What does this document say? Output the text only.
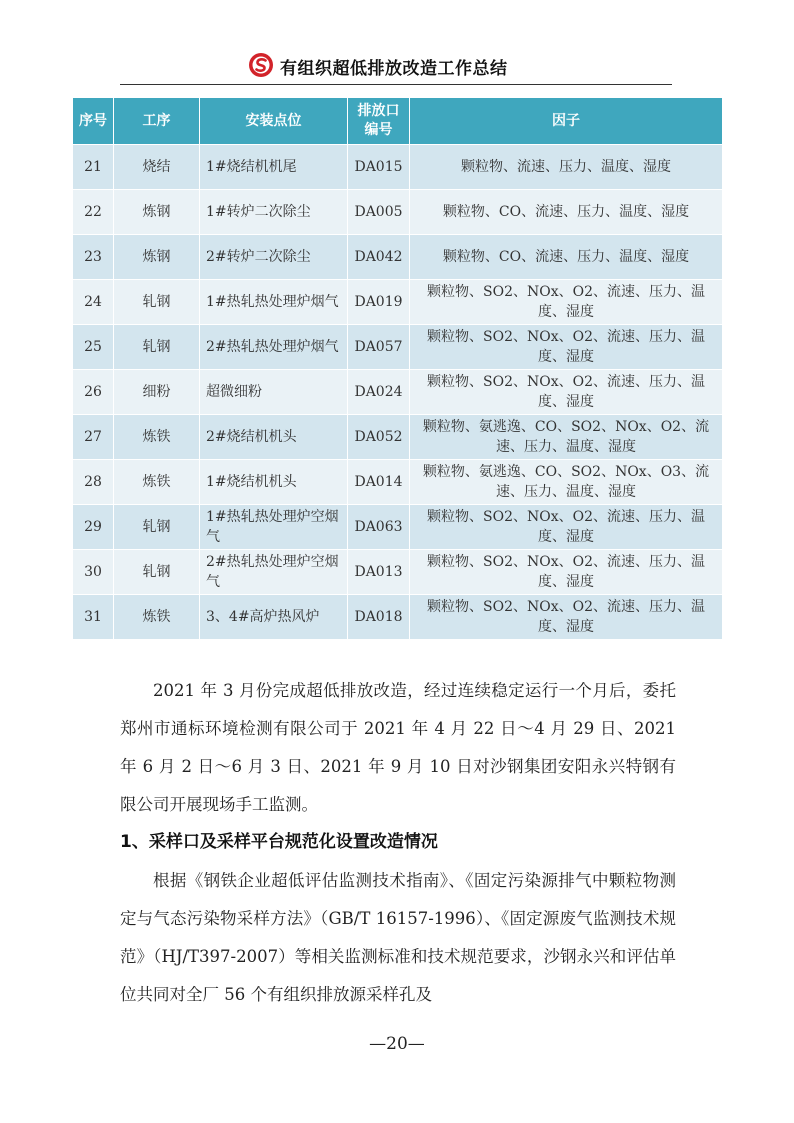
有组织超低排放改造工作总结
序号	工序	安装点位	排放口编号	因子
21	烧结	1#烧结机机尾	DA015	颗粒物、流速、压力、温度、湿度
22	炼钢	1#转炉二次除尘	DA005	颗粒物、CO、流速、压力、温度、湿度
23	炼钢	2#转炉二次除尘	DA042	颗粒物、CO、流速、压力、温度、湿度
24	轧钢	1#热轧热处理炉烟气	DA019	颗粒物、SO2、NOx、O2、流速、压力、温度、湿度
25	轧钢	2#热轧热处理炉烟气	DA057	颗粒物、SO2、NOx、O2、流速、压力、温度、湿度
26	细粉	超微细粉	DA024	颗粒物、SO2、NOx、O2、流速、压力、温度、湿度
27	炼铁	2#烧结机机头	DA052	颗粒物、氨逃逸、CO、SO2、NOx、O2、流速、压力、温度、湿度
28	炼铁	1#烧结机机头	DA014	颗粒物、氨逃逸、CO、SO2、NOx、O3、流速、压力、温度、湿度
29	轧钢	1#热轧热处理炉空烟气	DA063	颗粒物、SO2、NOx、O2、流速、压力、温度、湿度
30	轧钢	2#热轧热处理炉空烟气	DA013	颗粒物、SO2、NOx、O2、流速、压力、温度、湿度
31	炼铁	3、4#高炉热风炉	DA018	颗粒物、SO2、NOx、O2、流速、压力、温度、湿度
2021 年 3 月份完成超低排放改造，经过连续稳定运行一个月后，委托郑州市通标环境检测有限公司于 2021 年 4 月 22 日～4 月 29 日、2021 年 6 月 2 日～6 月 3 日、2021 年 9 月 10 日对沙钢集团安阳永兴特钢有限公司开展现场手工监测。
1、采样口及采样平台规范化设置改造情况
根据《钢铁企业超低评估监测技术指南》、《固定污染源排气中颗粒物测定与气态污染物采样方法》（GB/T 16157-1996）、《固定源废气监测技术规范》（HJ/T397-2007）等相关监测标准和技术规范要求，沙钢永兴和评估单位共同对全厂 56 个有组织排放源采样孔及
—20—
